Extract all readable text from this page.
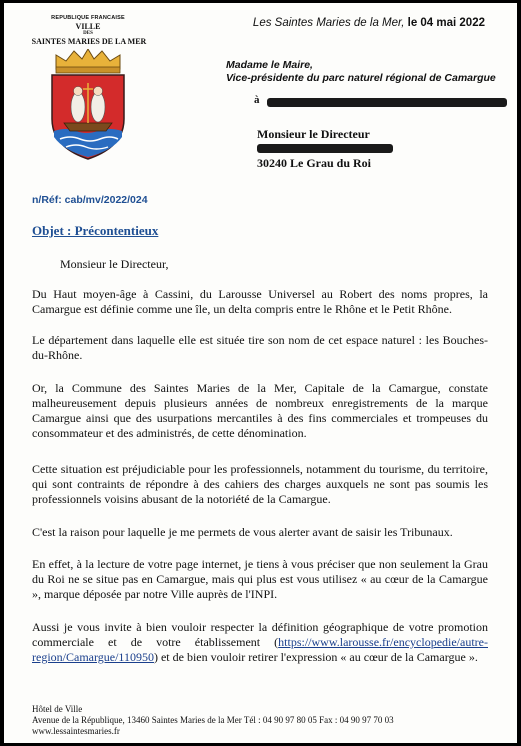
REPUBLIQUE FRANCAISE
VILLE
DES
SAINTES MARIES DE LA MER
n/Réf: cab/mv/2022/024
Les Saintes Maries de la Mer, le 04 mai 2022
Madame le Maire,
Vice-présidente du parc naturel régional de Camargue
à
Monsieur le Directeur
30240 Le Grau du Roi
Objet : Précontentieux
Monsieur le Directeur,
Du Haut moyen-âge à Cassini, du Larousse Universel au Robert des noms propres, la Camargue est définie comme une île, un delta compris entre le Rhône et le Petit Rhône.
Le département dans laquelle elle est située tire son nom de cet espace naturel : les Bouches-du-Rhône.
Or, la Commune des Saintes Maries de la Mer, Capitale de la Camargue, constate malheureusement depuis plusieurs années de nombreux enregistrements de la marque Camargue ainsi que des usurpations mercantiles à des fins commerciales et trompeuses du consommateur et des administrés, de cette dénomination.
Cette situation est préjudiciable pour les professionnels, notamment du tourisme, du territoire, qui sont contraints de répondre à des cahiers des charges auxquels ne sont pas soumis les professionnels voisins abusant de la notoriété de la Camargue.
C'est la raison pour laquelle je me permets de vous alerter avant de saisir les Tribunaux.
En effet, à la lecture de votre page internet, je tiens à vous préciser que non seulement la Grau du Roi ne se situe pas en Camargue, mais qui plus est vous utilisez « au cœur de la Camargue », marque déposée par notre Ville auprès de l'INPI.
Aussi je vous invite à bien vouloir respecter la définition géographique de votre promotion commerciale et de votre établissement (https://www.larousse.fr/encyclopedie/autre-region/Camargue/110950) et de bien vouloir retirer l'expression « au cœur de la Camargue ».
Hôtel de Ville
Avenue de la République, 13460 Saintes Maries de la Mer Tél : 04 90 97 80 05 Fax : 04 90 97 70 03
www.lessaintesmaries.fr
